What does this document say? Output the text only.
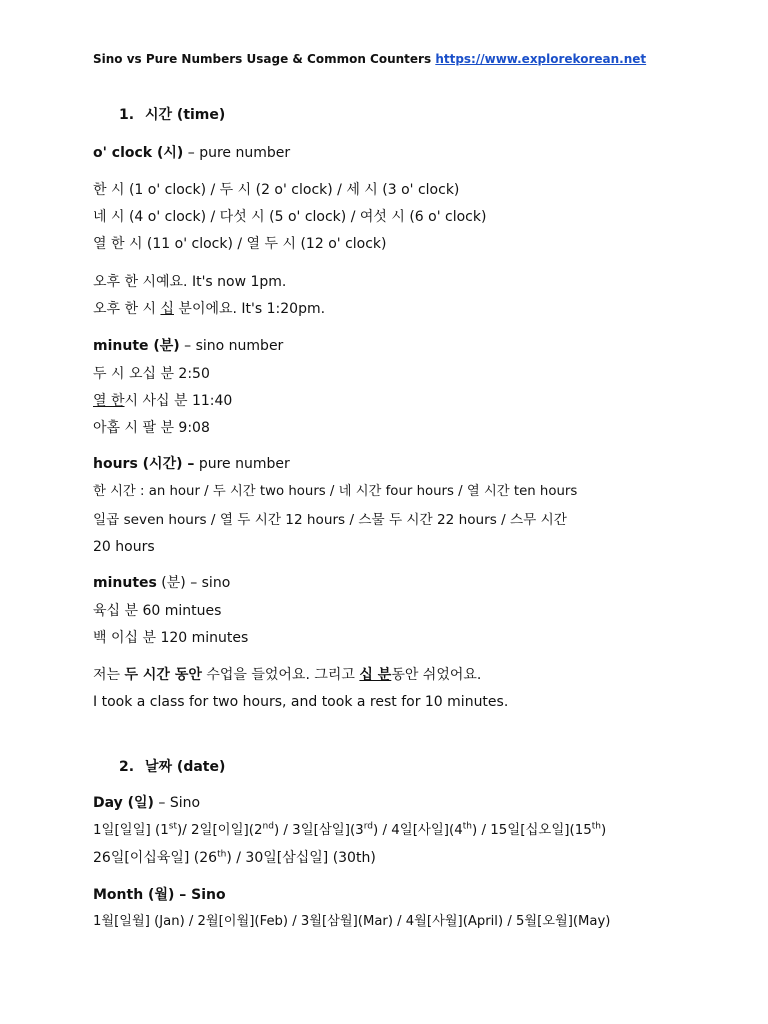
Sino vs Pure Numbers Usage & Common Counters https://www.explorekorean.net
1. 시간 (time)
o' clock (시) – pure number
한 시 (1 o' clock) / 두 시 (2 o' clock) / 세 시 (3 o' clock)
네 시 (4 o' clock) / 다섯 시 (5 o' clock) / 여섯 시 (6 o' clock)
열 한 시 (11 o' clock) / 열 두 시 (12 o' clock)
오후 한 시예요. It's now 1pm.
오후 한 시 십 분이에요. It's 1:20pm.
minute (분) – sino number
두 시 오십 분 2:50
열 한시 사십 분 11:40
아홉 시 팔 분 9:08
hours (시간) – pure number
한 시간 : an hour / 두 시간 two hours / 네 시간 four hours / 열 시간 ten hours
일곱 seven hours / 열 두 시간 12 hours / 스물 두 시간 22 hours / 스무 시간
20 hours
minutes (분) – sino
육십 분 60 mintues
백 이십 분 120 minutes
저는 두 시간 동안 수업을 들었어요. 그리고 십 분동안 쉬었어요.
I took a class for two hours, and took a rest for 10 minutes.
2. 날짜 (date)
Day (일) – Sino
1일[일일] (1st)/ 2일[이일](2nd) / 3일[삼일](3rd) / 4일[사일](4th) / 15일[십오일](15th)
26일[이십육일] (26th) / 30일[삼십일] (30th)
Month (월) – Sino
1월[일월] (Jan) / 2월[이월](Feb) / 3월[삼월](Mar) / 4월[사월](April) / 5월[오월](May)
